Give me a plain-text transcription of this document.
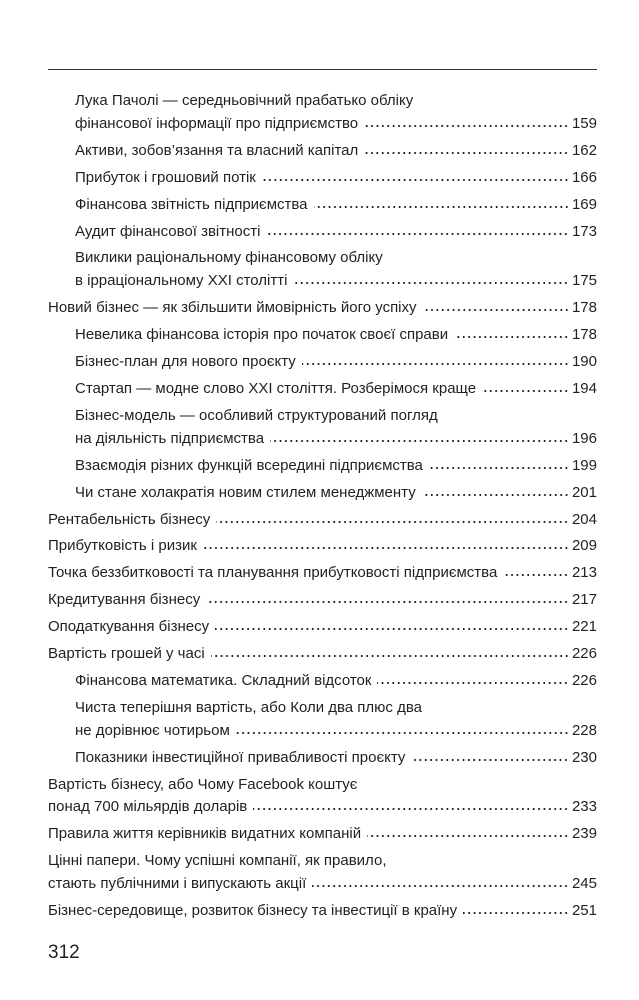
Лука Пачолі — середньовічний прабатько обліку
фінансової інформації про підприємство	159
Активи, зобов’язання та власний капітал	162
Прибуток і грошовий потік	166
Фінансова звітність підприємства	169
Аудит фінансової звітності	173
Виклики раціональному фінансовому обліку
в ірраціональному XXI столітті	175
Новий бізнес — як збільшити ймовірність його успіху	178
Невелика фінансова історія про початок своєї справи	178
Бізнес-план для нового проєкту	190
Стартап — модне слово XXI століття. Розберімося краще	194
Бізнес-модель — особливий структурований погляд
на діяльність підприємства	196
Взаємодія різних функцій всередині підприємства	199
Чи стане холакратія новим стилем менеджменту	201
Рентабельність бізнесу	204
Прибутковість і ризик	209
Точка беззбитковості та планування прибутковості підприємства	213
Кредитування бізнесу	217
Оподаткування бізнесу	221
Вартість грошей у часі	226
Фінансова математика. Складний відсоток	226
Чиста теперішня вартість, або Коли два плюс два
не дорівнює чотирьом	228
Показники інвестиційної привабливості проєкту	230
Вартість бізнесу, або Чому Facebook коштує
понад 700 мільярдів доларів	233
Правила життя керівників видатних компаній	239
Цінні папери. Чому успішні компанії, як правило,
стають публічними і випускають акції	245
Бізнес-середовище, розвиток бізнесу та інвестиції в країну	251
312
